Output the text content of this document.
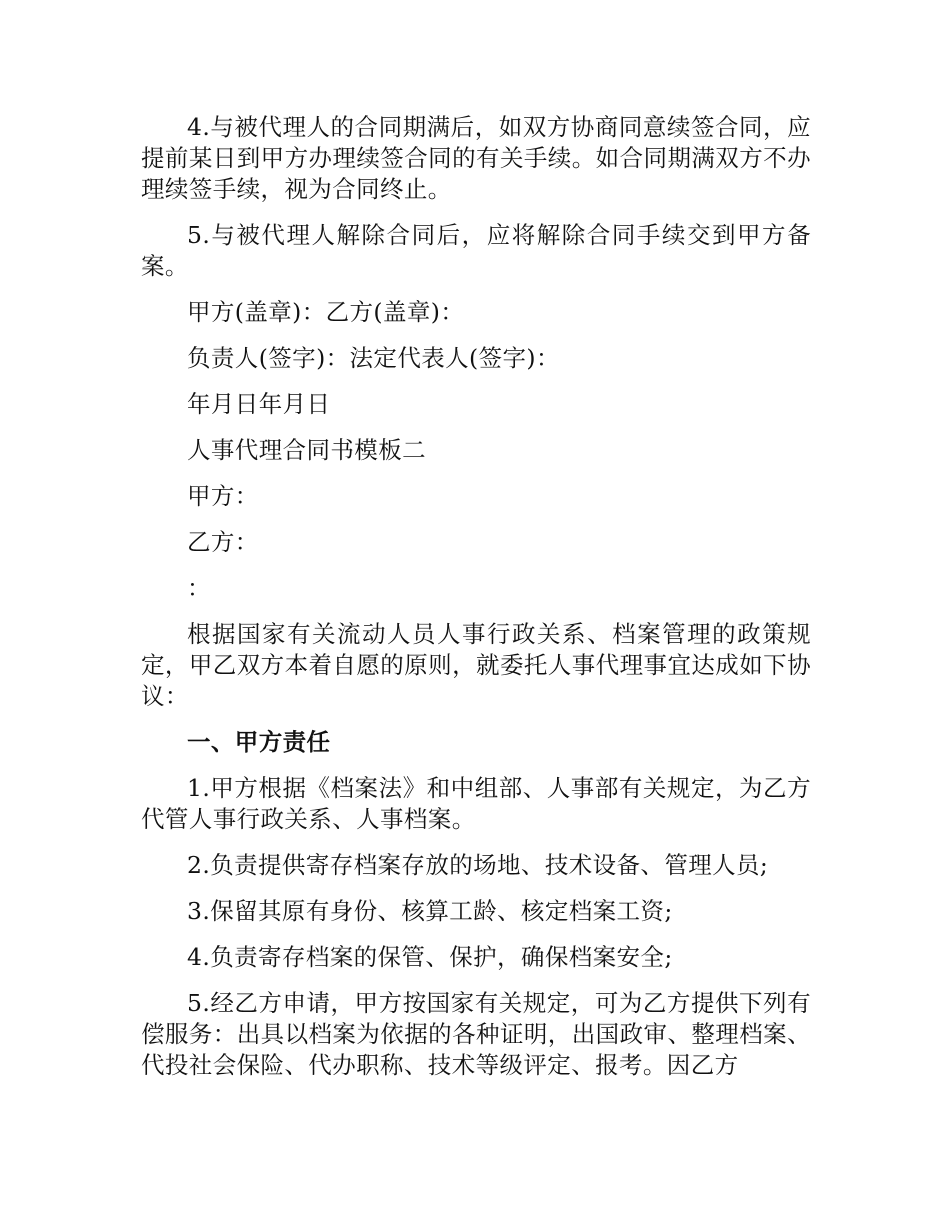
4.与被代理人的合同期满后，如双方协商同意续签合同，应提前某日到甲方办理续签合同的有关手续。如合同期满双方不办理续签手续，视为合同终止。

5.与被代理人解除合同后，应将解除合同手续交到甲方备案。

甲方(盖章)：乙方(盖章)：

负责人(签字)：法定代表人(签字)：

年月日年月日

人事代理合同书模板二

甲方：

乙方：

：

根据国家有关流动人员人事行政关系、档案管理的政策规定，甲乙双方本着自愿的原则，就委托人事代理事宜达成如下协议：

一、甲方责任

1.甲方根据《档案法》和中组部、人事部有关规定，为乙方代管人事行政关系、人事档案。

2.负责提供寄存档案存放的场地、技术设备、管理人员;

3.保留其原有身份、核算工龄、核定档案工资;

4.负责寄存档案的保管、保护，确保档案安全;

5.经乙方申请，甲方按国家有关规定，可为乙方提供下列有偿服务：出具以档案为依据的各种证明，出国政审、整理档案、代投社会保险、代办职称、技术等级评定、报考。因乙方
